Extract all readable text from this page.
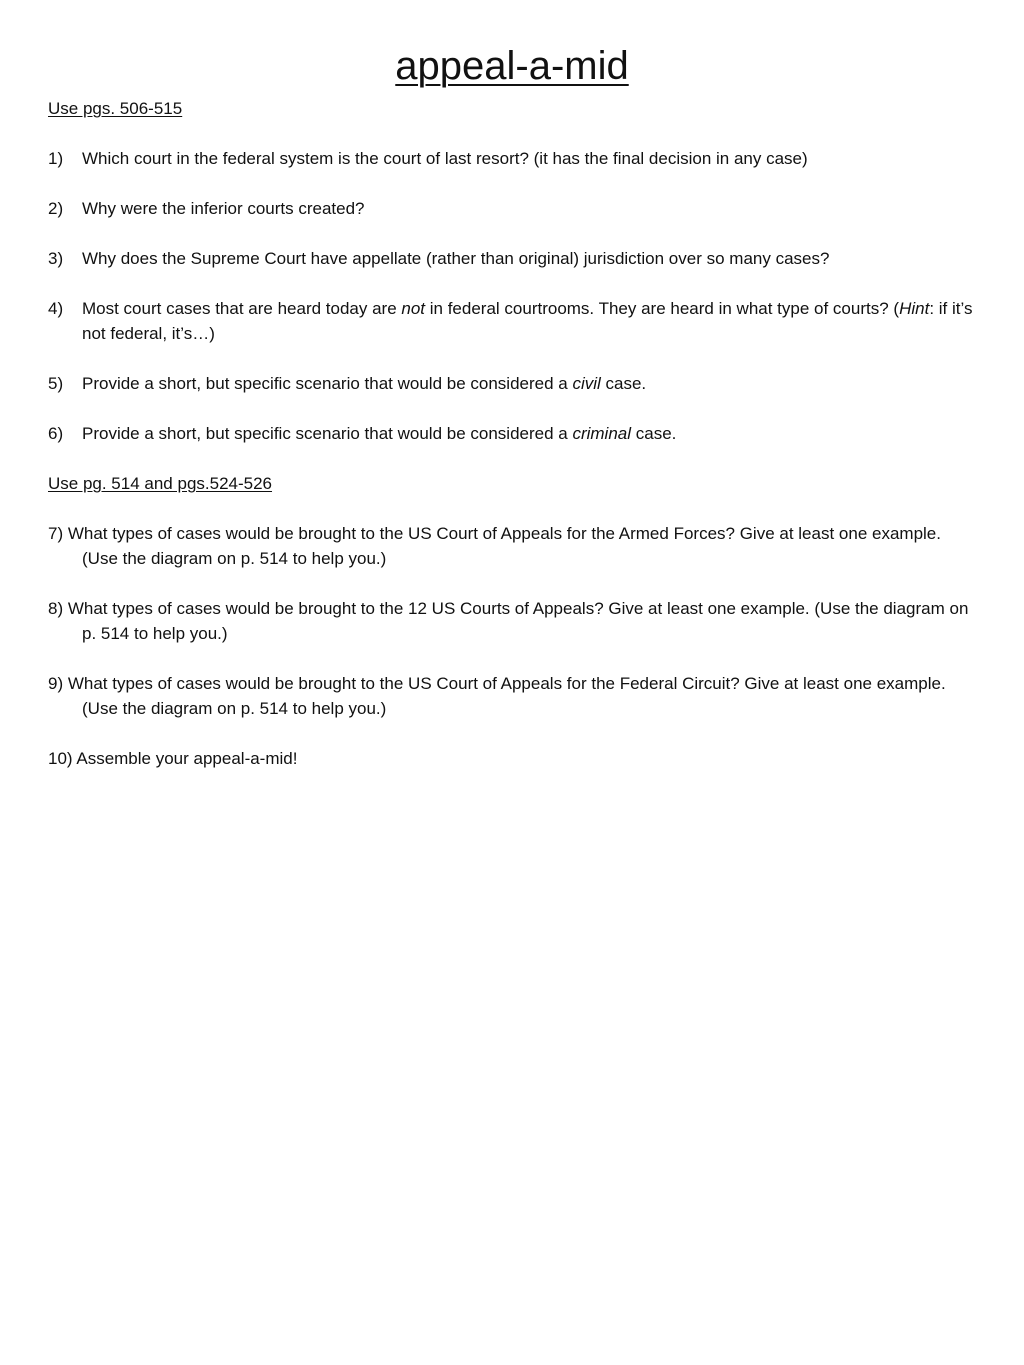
appeal-a-mid
Use pgs. 506-515
1)	Which court in the federal system is the court of last resort? (it has the final decision in any case)
2)	Why were the inferior courts created?
3)	Why does the Supreme Court have appellate (rather than original) jurisdiction over so many cases?
4)	Most court cases that are heard today are not in federal courtrooms. They are heard in what type of courts? (Hint: if it’s not federal, it’s…)
5)	Provide a short, but specific scenario that would be considered a civil case.
6)	Provide a short, but specific scenario that would be considered a criminal case.
Use pg. 514 and pgs.524-526
7) What types of cases would be brought to the US Court of Appeals for the Armed Forces? Give at least one example. (Use the diagram on p. 514 to help you.)
8) What types of cases would be brought to the 12 US Courts of Appeals? Give at least one example. (Use the diagram on p. 514 to help you.)
9) What types of cases would be brought to the US Court of Appeals for the Federal Circuit? Give at least one example. (Use the diagram on p. 514 to help you.)
10) Assemble your appeal-a-mid!
